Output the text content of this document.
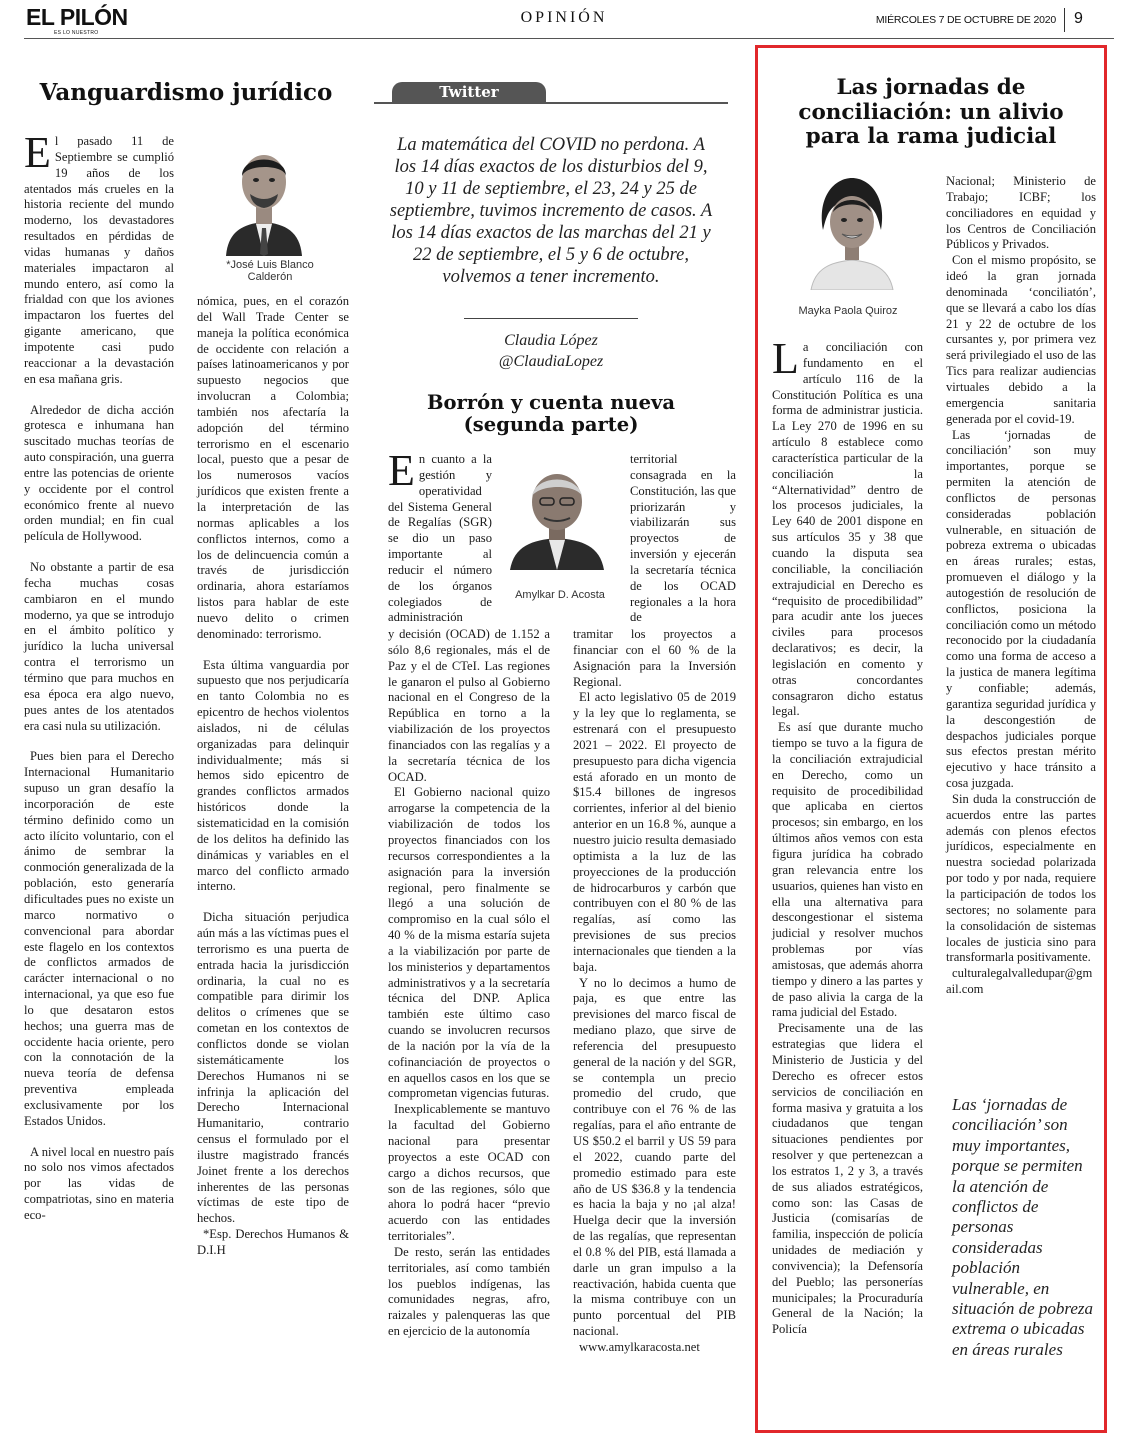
EL PILÓN
ES LO NUESTRO
OPINIÓN	MIÉRCOLES 7 DE OCTUBRE DE 2020 9
Vanguardismo jurídico
*José Luis Blanco Calderón

El pasado 11 de Septiembre se cumplió 19 años de los atentados más crueles en la historia reciente del mundo moderno, los devastadores resultados en pérdidas de vidas humanas y daños materiales impactaron al mundo entero, así como la frialdad con que los aviones impactaron los fuertes del gigante americano, que impotente casi pudo reaccionar a la devastación en esa mañana gris.

Alrededor de dicha acción grotesca e inhumana han suscitado muchas teorías de auto conspiración, una guerra entre las potencias de oriente y occidente por el control económico frente al nuevo orden mundial; en fin cual película de Hollywood.

No obstante a partir de esa fecha muchas cosas cambiaron en el mundo moderno, ya que se introdujo en el ámbito político y jurídico la lucha universal contra el terrorismo un término que para muchos en esa época era algo nuevo, pues antes de los atentados era casi nula su utilización.

Pues bien para el Derecho Internacional Humanitario supuso un gran desafío la incorporación de este término definido como un acto ilícito voluntario, con el ánimo de sembrar la conmoción generalizada de la población, esto generaría dificultades pues no existe un marco normativo o convencional para abordar este flagelo en los contextos de conflictos armados de carácter internacional o no internacional, ya que eso fue lo que desataron estos hechos; una guerra mas de occidente hacia oriente, pero con la connotación de la nueva teoría de defensa preventiva empleada exclusivamente por los Estados Unidos.

A nivel local en nuestro país no solo nos vimos afectados por las vidas de compatriotas, sino en materia eco-

nómica, pues, en el corazón del Wall Trade Center se maneja la política económica de occidente con relación a países latinoamericanos y por supuesto negocios que involucran a Colombia; también nos afectaría la adopción del término terrorismo en el escenario local, puesto que a pesar de los numerosos vacíos jurídicos que existen frente a la interpretación de las normas aplicables a los conflictos internos, como a los de delincuencia común a través de jurisdicción ordinaria, ahora estaríamos listos para hablar de este nuevo delito o crimen denominado: terrorismo.

Esta última vanguardia por supuesto que nos perjudicaría en tanto Colombia no es epicentro de hechos violentos aislados, ni de células organizadas para delinquir individualmente; más si hemos sido epicentro de grandes conflictos armados históricos donde la sistematicidad en la comisión de los delitos ha definido las dinámicas y variables en el marco del conflicto armado interno.

Dicha situación perjudica aún más a las víctimas pues el terrorismo es una puerta de entrada hacia la jurisdicción ordinaria, la cual no es compatible para dirimir los delitos o crímenes que se cometan en los contextos de conflictos donde se violan sistemáticamente los Derechos Humanos ni se infrinja la aplicación del Derecho Internacional Humanitario, contrario census el formulado por el ilustre magistrado francés Joinet frente a los derechos inherentes de las personas víctimas de este tipo de hechos.

*Esp. Derechos Humanos & D.I.H

Twitter
La matemática del COVID no perdona. A los 14 días exactos de los disturbios del 9, 10 y 11 de septiembre, el 23, 24 y 25 de septiembre, tuvimos incremento de casos. A los 14 días exactos de las marchas del 21 y 22 de septiembre, el 5 y 6 de octubre, volvemos a tener incremento.
Claudia López
@ClaudiaLopez
Borrón y cuenta nueva
(segunda parte)
Amylkar D. Acosta

En cuanto a la gestión y operatividad del Sistema General de Regalías (SGR) se dio un paso importante al reducir el número de los órganos colegiados de administración

territorial consagrada en la Constitución, las que priorizarán y viabilizarán sus proyectos de inversión y ejecerán la secretaría técnica de los OCAD regionales a la hora de

y decisión (OCAD) de 1.152 a sólo 8,6 regionales, más el de Paz y el de CTeI. Las regiones le ganaron el pulso al Gobierno nacional en el Congreso de la República en torno a la viabilización de los proyectos financiados con las regalías y a la secretaría técnica de los OCAD.

El Gobierno nacional quizo arrogarse la competencia de la viabilización de todos los proyectos financiados con los recursos correspondientes a la asignación para la inversión regional, pero finalmente se llegó a una solución de compromiso en la cual sólo el 40 % de la misma estaría sujeta a la viabilización por parte de los ministerios y departamentos administrativos y a la secretaría técnica del DNP. Aplica también este último caso cuando se involucren recursos de la nación por la vía de la cofinanciación de proyectos o en aquellos casos en los que se comprometan vigencias futuras.

Inexplicablemente se mantuvo la facultad del Gobierno nacional para presentar proyectos a este OCAD con cargo a dichos recursos, que son de las regiones, sólo que ahora lo podrá hacer “previo acuerdo con las entidades territoriales”.

De resto, serán las entidades territoriales, así como también los pueblos indígenas, las comunidades negras, afro, raizales y palenqueras las que en ejercicio de la autonomía

tramitar los proyectos a financiar con el 60 % de la Asignación para la Inversión Regional.

El acto legislativo 05 de 2019 y la ley que lo reglamenta, se estrenará con el presupuesto 2021 – 2022. El proyecto de presupuesto para dicha vigencia está aforado en un monto de $15.4 billones de ingresos corrientes, inferior al del bienio anterior en un 16.8 %, aunque a nuestro juicio resulta demasiado optimista a la luz de las proyecciones de la producción de hidrocarburos y carbón que contribuyen con el 80 % de las regalías, así como las previsiones de sus precios internacionales que tienden a la baja.

Y no lo decimos a humo de paja, es que entre las previsiones del marco fiscal de mediano plazo, que sirve de referencia del presupuesto general de la nación y del SGR, se contempla un precio promedio del crudo, que contribuye con el 76 % de las regalías, para el año entrante de US $50.2 el barril y US 59 para el 2022, cuando parte del promedio estimado para este año de US $36.8 y la tendencia es hacia la baja y no ¡al alza! Huelga decir que la inversión de las regalías, que representan el 0.8 % del PIB, está llamada a darle un gran impulso a la reactivación, habida cuenta que la misma contribuye con un punto porcentual del PIB nacional.

www.amylkaracosta.net

Las jornadas de
conciliación: un alivio
para la rama judicial
Mayka Paola Quiroz

La conciliación con fundamento en el artículo 116 de la Constitución Política es una forma de administrar justicia. La Ley 270 de 1996 en su artículo 8 establece como característica particular de la conciliación la “Alternatividad” dentro de los procesos judiciales, la Ley 640 de 2001 dispone en sus artículos 35 y 38 que cuando la disputa sea conciliable, la conciliación extrajudicial en Derecho es “requisito de procedibilidad” para acudir ante los jueces civiles para procesos declarativos; es decir, la legislación en comento y otras concordantes consagraron dicho estatus legal.

Es así que durante mucho tiempo se tuvo a la figura de la conciliación extrajudicial en Derecho, como un requisito de procedibilidad que aplicaba en ciertos procesos; sin embargo, en los últimos años vemos con esta figura jurídica ha cobrado gran relevancia entre los usuarios, quienes han visto en ella una alternativa para descongestionar el sistema judicial y resolver muchos problemas por vías amistosas, que además ahorra tiempo y dinero a las partes y de paso alivia la carga de la rama judicial del Estado.

Precisamente una de las estrategias que lidera el Ministerio de Justicia y del Derecho es ofrecer estos servicios de conciliación en forma masiva y gratuita a los ciudadanos que tengan situaciones pendientes por resolver y que pertenezcan a los estratos 1, 2 y 3, a través de sus aliados estratégicos, como son: las Casas de Justicia (comisarías de familia, inspección de policía unidades de mediación y convivencia); la Defensoría del Pueblo; las personerías municipales; la Procuraduría General de la Nación; la Policía

Nacional; Ministerio de Trabajo; ICBF; los conciliadores en equidad y los Centros de Conciliación Públicos y Privados.

Con el mismo propósito, se ideó la gran jornada denominada ‘conciliatón’, que se llevará a cabo los días 21 y 22 de octubre de los cursantes y, por primera vez será privilegiado el uso de las Tics para realizar audiencias virtuales debido a la emergencia sanitaria generada por el covid-19.

Las ‘jornadas de conciliación’ son muy importantes, porque se permiten la atención de conflictos de personas consideradas población vulnerable, en situación de pobreza extrema o ubicadas en áreas rurales; estas, promueven el diálogo y la autogestión de resolución de conflictos, posiciona la conciliación como un método reconocido por la ciudadanía como una forma de acceso a la justica de manera legítima y confiable; además, garantiza seguridad jurídica y la descongestión de despachos judiciales porque sus efectos prestan mérito ejecutivo y hace tránsito a cosa juzgada.

Sin duda la construcción de acuerdos entre las partes además con plenos efectos jurídicos, especialmente en nuestra sociedad polarizada por todo y por nada, requiere la participación de todos los sectores; no solamente para la consolidación de sistemas locales de justicia sino para transformarla positivamente.

culturalegalvalledupar@gmail.com

Las ‘jornadas de conciliación’ son muy importantes, porque se permiten la atención de conflictos de personas consideradas población vulnerable, en situación de pobreza extrema o ubicadas en áreas rurales
